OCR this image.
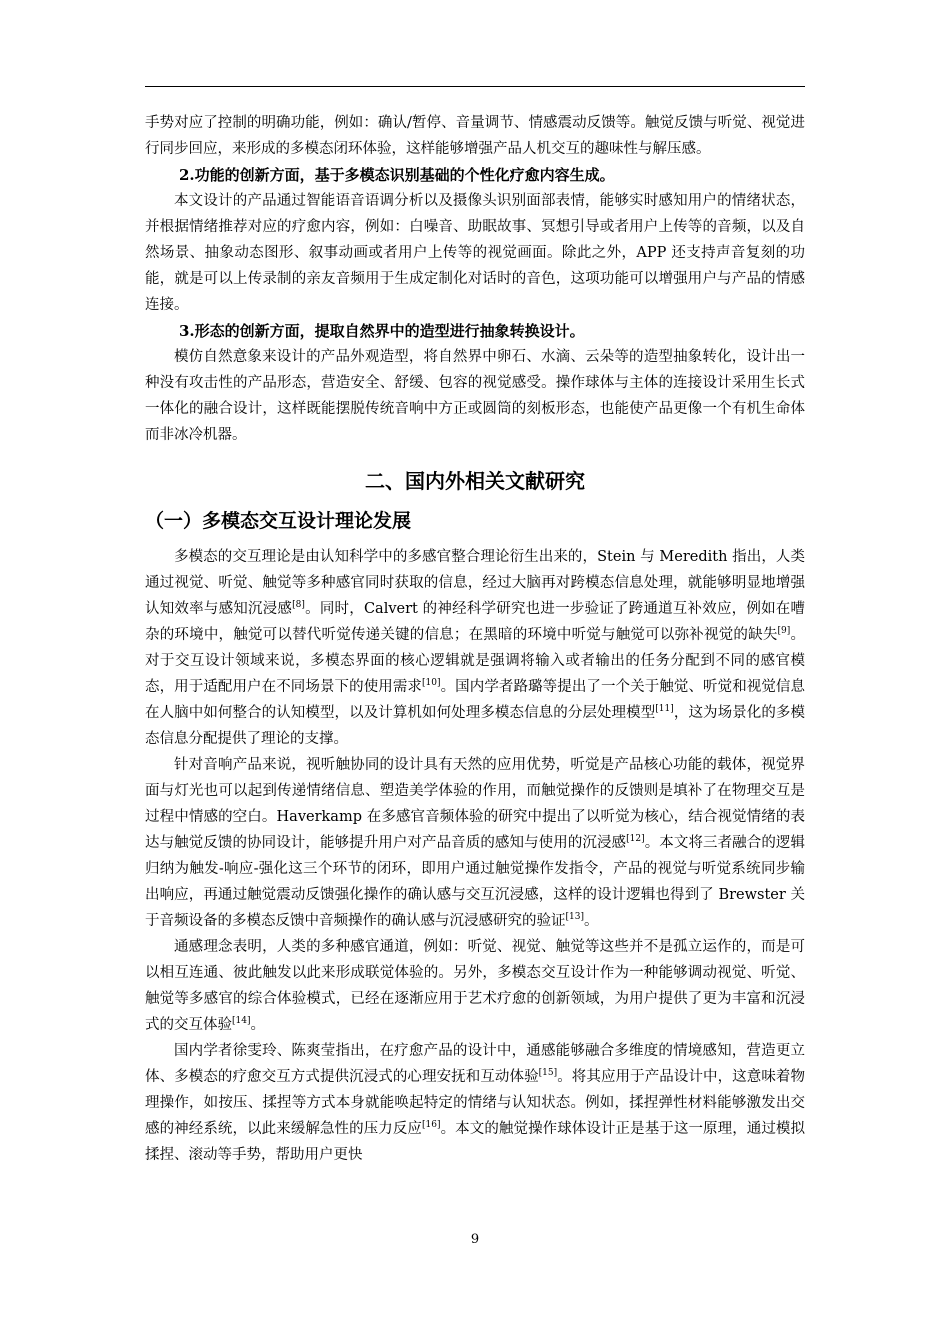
手势对应了控制的明确功能，例如：确认/暂停、音量调节、情感震动反馈等。触觉反馈与听觉、视觉进行同步回应，来形成的多模态闭环体验，这样能够增强产品人机交互的趣味性与解压感。

2.功能的创新方面，基于多模态识别基础的个性化疗愈内容生成。

本文设计的产品通过智能语音语调分析以及摄像头识别面部表情，能够实时感知用户的情绪状态，并根据情绪推荐对应的疗愈内容，例如：白噪音、助眠故事、冥想引导或者用户上传等的音频，以及自然场景、抽象动态图形、叙事动画或者用户上传等的视觉画面。除此之外，APP 还支持声音复刻的功能，就是可以上传录制的亲友音频用于生成定制化对话时的音色，这项功能可以增强用户与产品的情感连接。

3.形态的创新方面，提取自然界中的造型进行抽象转换设计。

模仿自然意象来设计的产品外观造型，将自然界中卵石、水滴、云朵等的造型抽象转化，设计出一种没有攻击性的产品形态，营造安全、舒缓、包容的视觉感受。操作球体与主体的连接设计采用生长式一体化的融合设计，这样既能摆脱传统音响中方正或圆筒的刻板形态，也能使产品更像一个有机生命体而非冰冷机器。

二、国内外相关文献研究
（一）多模态交互设计理论发展

多模态的交互理论是由认知科学中的多感官整合理论衍生出来的，Stein 与 Meredith 指出，人类通过视觉、听觉、触觉等多种感官同时获取的信息，经过大脑再对跨模态信息处理，就能够明显地增强认知效率与感知沉浸感[8]。同时，Calvert 的神经科学研究也进一步验证了跨通道互补效应，例如在嘈杂的环境中，触觉可以替代听觉传递关键的信息；在黑暗的环境中听觉与触觉可以弥补视觉的缺失[9]。对于交互设计领域来说，多模态界面的核心逻辑就是强调将输入或者输出的任务分配到不同的感官模态，用于适配用户在不同场景下的使用需求[10]。国内学者路璐等提出了一个关于触觉、听觉和视觉信息在人脑中如何整合的认知模型，以及计算机如何处理多模态信息的分层处理模型[11]，这为场景化的多模态信息分配提供了理论的支撑。

针对音响产品来说，视听触协同的设计具有天然的应用优势，听觉是产品核心功能的载体，视觉界面与灯光也可以起到传递情绪信息、塑造美学体验的作用，而触觉操作的反馈则是填补了在物理交互是过程中情感的空白。Haverkamp 在多感官音频体验的研究中提出了以听觉为核心，结合视觉情绪的表达与触觉反馈的协同设计，能够提升用户对产品音质的感知与使用的沉浸感[12]。本文将三者融合的逻辑归纳为触发-响应-强化这三个环节的闭环，即用户通过触觉操作发指令，产品的视觉与听觉系统同步输出响应，再通过触觉震动反馈强化操作的确认感与交互沉浸感，这样的设计逻辑也得到了 Brewster 关于音频设备的多模态反馈中音频操作的确认感与沉浸感研究的验证[13]。

通感理念表明，人类的多种感官通道，例如：听觉、视觉、触觉等这些并不是孤立运作的，而是可以相互连通、彼此触发以此来形成联觉体验的。另外，多模态交互设计作为一种能够调动视觉、听觉、触觉等多感官的综合体验模式，已经在逐渐应用于艺术疗愈的创新领域，为用户提供了更为丰富和沉浸式的交互体验[14]。

国内学者徐雯玲、陈爽莹指出，在疗愈产品的设计中，通感能够融合多维度的情境感知，营造更立体、多模态的疗愈交互方式提供沉浸式的心理安抚和互动体验[15]。将其应用于产品设计中，这意味着物理操作，如按压、揉捏等方式本身就能唤起特定的情绪与认知状态。例如，揉捏弹性材料能够激发出交感的神经系统，以此来缓解急性的压力反应[16]。本文的触觉操作球体设计正是基于这一原理，通过模拟揉捏、滚动等手势，帮助用户更快

9
